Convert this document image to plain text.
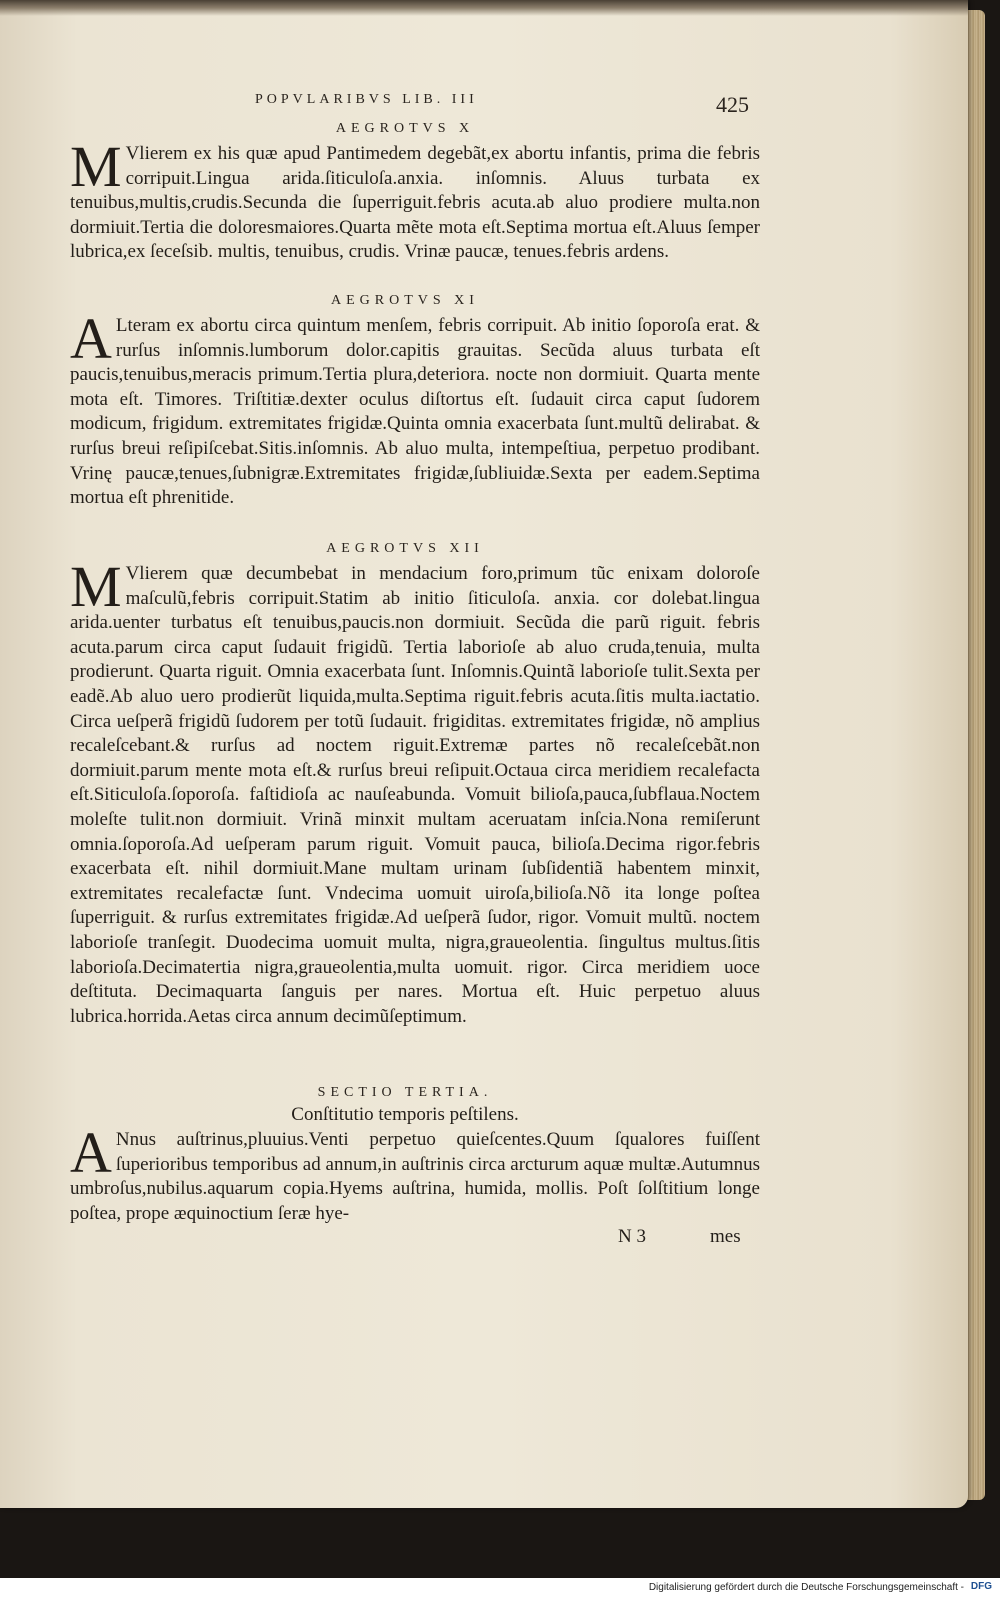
POPVLARIBVS LIB. III	425
AEGROTVS X

M Vlierem ex his quæ apud Pantimedem degebãt,ex abortu infantis, prima die febris corripuit.Lingua arida.ſiticuloſa.anxia. inſomnis. Aluus turbata ex tenuibus,multis,crudis.Secunda die ſuperriguit.febris acuta.ab aluo prodiere multa.non dormiuit.Tertia die doloresmaiores.Quarta mẽte mota eſt.Septima mortua eſt.Aluus ſemper lubrica,ex ſeceſsib. multis, tenuibus, crudis. Vrinæ paucæ, tenues.febris ardens.

AEGROTVS XI

A Lteram ex abortu circa quintum menſem, febris corripuit. Ab initio ſoporoſa erat. & rurſus inſomnis.lumborum dolor.capitis grauitas. Secũda aluus turbata eſt paucis,tenuibus,meracis primum.Tertia plura,deteriora. nocte non dormiuit. Quarta mente mota eſt. Timores. Triſtitiæ.dexter oculus diſtortus eſt. ſudauit circa caput ſudorem modicum, frigidum. extremitates frigidæ.Quinta omnia exacerbata ſunt.multũ delirabat. & rurſus breui reſipiſcebat.Sitis.inſomnis. Ab aluo multa, intempeſtiua, perpetuo prodibant. Vrinę paucæ,tenues,ſubnigræ.Extremitates frigidæ,ſubliuidæ.Sexta per eadem.Septima mortua eſt phrenitide.

AEGROTVS XII

M Vlierem quæ decumbebat in mendacium foro,primum tũc enixam doloroſe maſculũ,febris corripuit.Statim ab initio ſiticuloſa. anxia. cor dolebat.lingua arida.uenter turbatus eſt tenuibus,paucis.non dormiuit. Secũda die parũ riguit. febris acuta.parum circa caput ſudauit frigidũ. Tertia laborioſe ab aluo cruda,tenuia, multa prodierunt. Quarta riguit. Omnia exacerbata ſunt. Inſomnis.Quintã laborioſe tulit.Sexta per eadẽ.Ab aluo uero prodierũt liquida,multa.Septima riguit.febris acuta.ſitis multa.iactatio. Circa ueſperã frigidũ ſudorem per totũ ſudauit. frigiditas. extremitates frigidæ, nõ amplius recaleſcebant.& rurſus ad noctem riguit.Extremæ partes nõ recaleſcebãt.non dormiuit.parum mente mota eſt.& rurſus breui reſipuit.Octaua circa meridiem recalefacta eſt.Siticuloſa.ſoporoſa. faſtidioſa ac nauſeabunda. Vomuit bilioſa,pauca,ſubflaua.Noctem moleſte tulit.non dormiuit. Vrinã minxit multam aceruatam inſcia.Nona remiſerunt omnia.ſoporoſa.Ad ueſperam parum riguit. Vomuit pauca, bilioſa.Decima rigor.febris exacerbata eſt. nihil dormiuit.Mane multam urinam ſubſidentiã habentem minxit, extremitates recalefactæ ſunt. Vndecima uomuit uiroſa,bilioſa.Nõ ita longe poſtea ſuperriguit. & rurſus extremitates frigidæ.Ad ueſperã ſudor, rigor. Vomuit multũ. noctem laborioſe tranſegit. Duodecima uomuit multa, nigra,graueolentia. ſingultus multus.ſitis laborioſa.Decimatertia nigra,graueolentia,multa uomuit. rigor. Circa meridiem uoce deſtituta. Decimaquarta ſanguis per nares. Mortua eſt. Huic perpetuo aluus lubrica.horrida.Aetas circa annum decimũſeptimum.

SECTIO TERTIA.
Conſtitutio temporis peſtilens.

A Nnus auſtrinus,pluuius.Venti perpetuo quieſcentes.Quum ſqualores fuiſſent ſuperioribus temporibus ad annum,in auſtrinis circa arcturum aquæ multæ.Autumnus umbroſus,nubilus.aquarum copia.Hyems auſtrina, humida, mollis. Poſt ſolſtitium longe poſtea, prope æquinoctium ſeræ hye-

N 3	mes
Digitalisierung gefördert durch die Deutsche Forschungsgemeinschaft - DFG
